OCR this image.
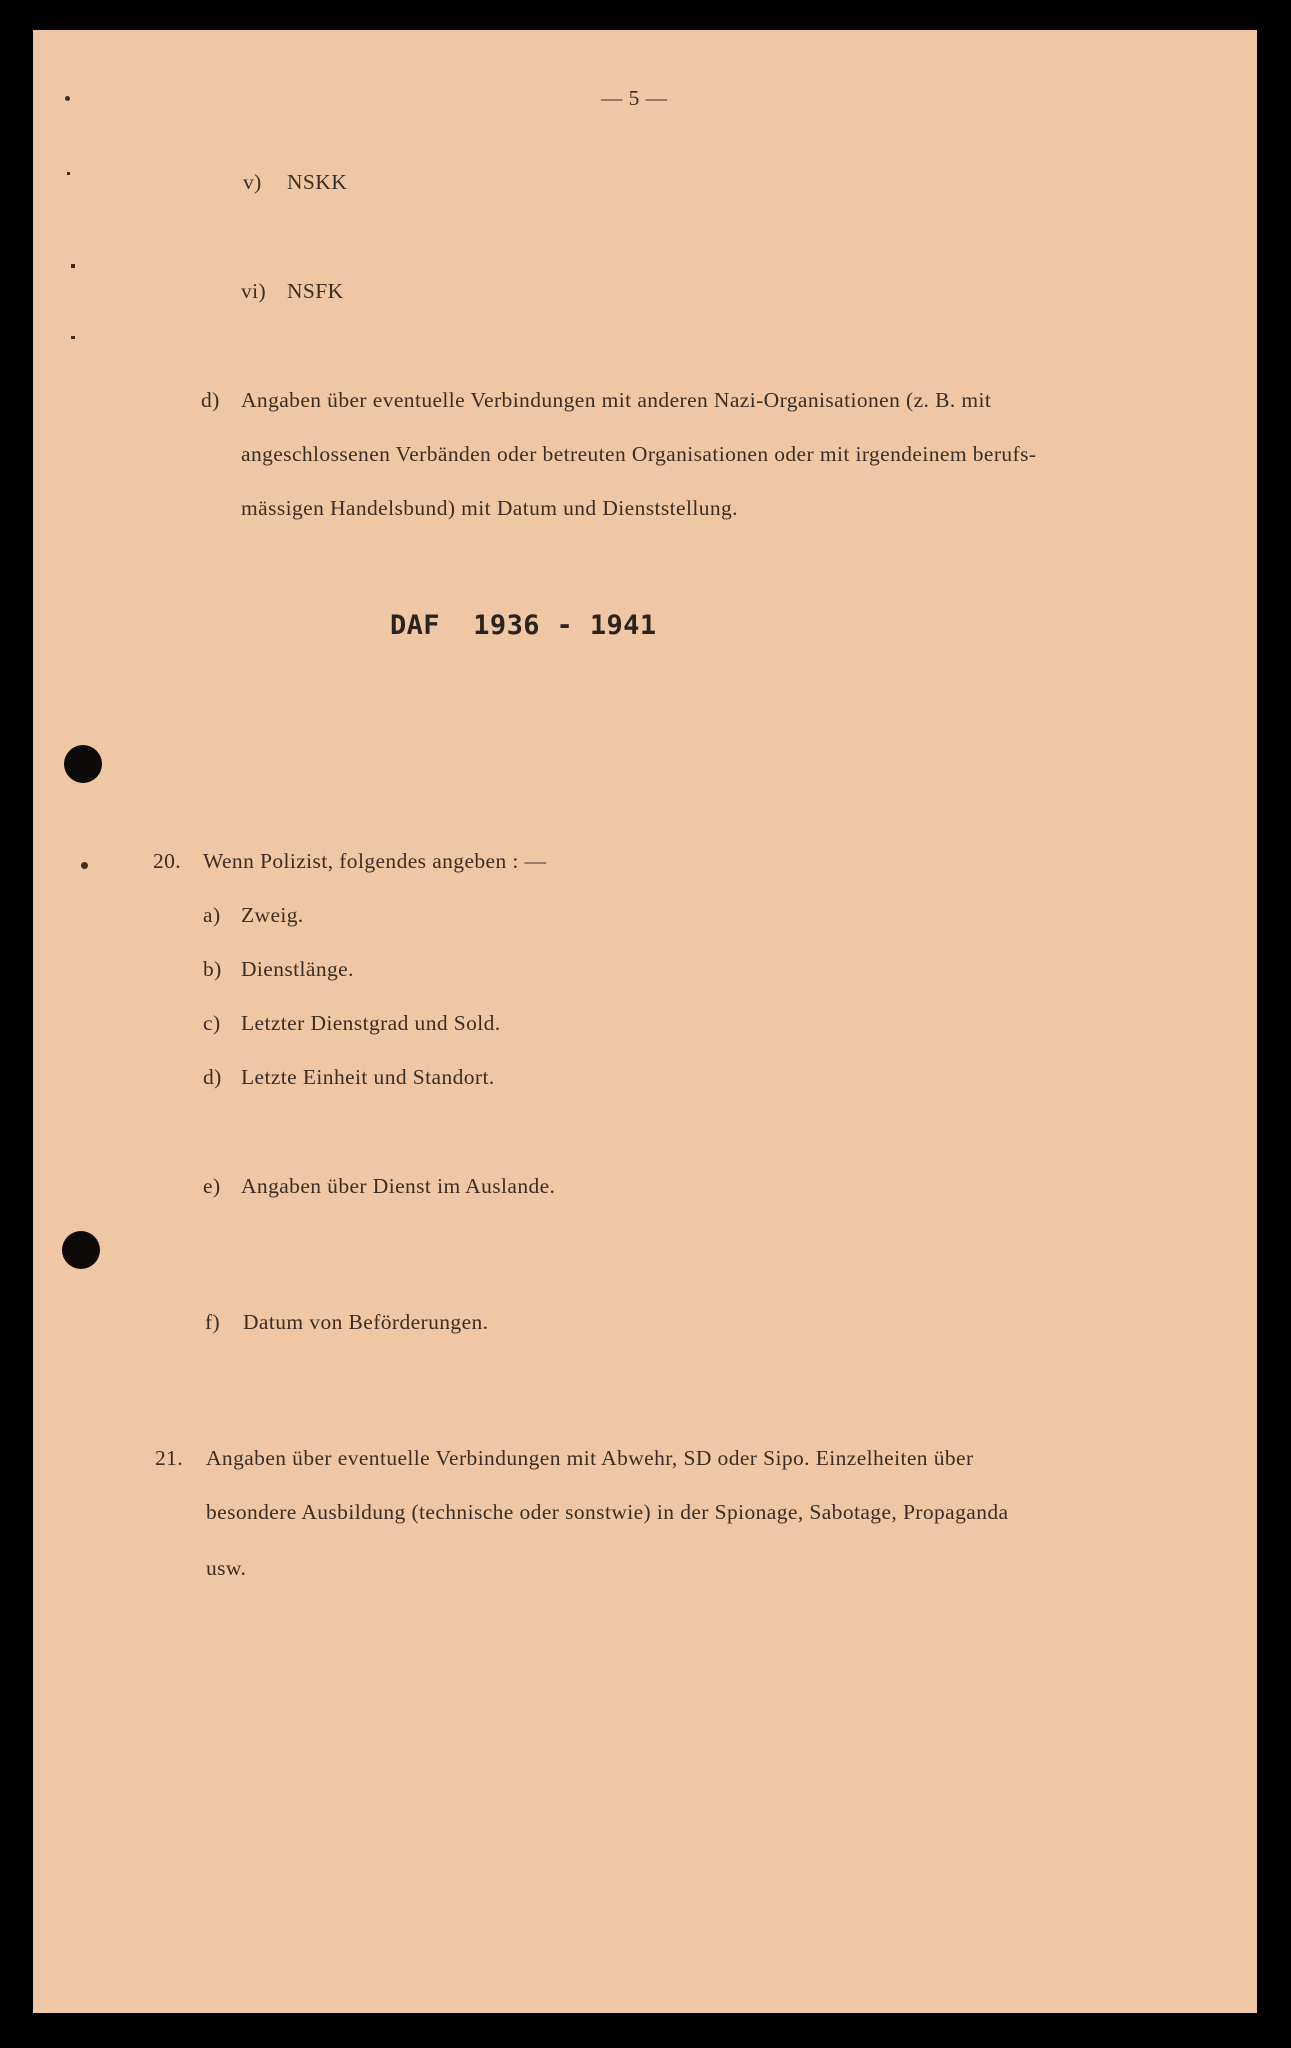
— 5 —
v) NSKK
vi) NSFK
d) Angaben über eventuelle Verbindungen mit anderen Nazi-Organisationen (z. B. mit
angeschlossenen Verbänden oder betreuten Organisationen oder mit irgendeinem berufs-
mässigen Handelsbund) mit Datum und Dienststellung.
DAF  1936 - 1941
20. Wenn Polizist, folgendes angeben : —
a) Zweig.
b) Dienstlänge.
c) Letzter Dienstgrad und Sold.
d) Letzte Einheit und Standort.
e) Angaben über Dienst im Auslande.
f) Datum von Beförderungen.
21. Angaben über eventuelle Verbindungen mit Abwehr, SD oder Sipo. Einzelheiten über
besondere Ausbildung (technische oder sonstwie) in der Spionage, Sabotage, Propaganda
usw.
